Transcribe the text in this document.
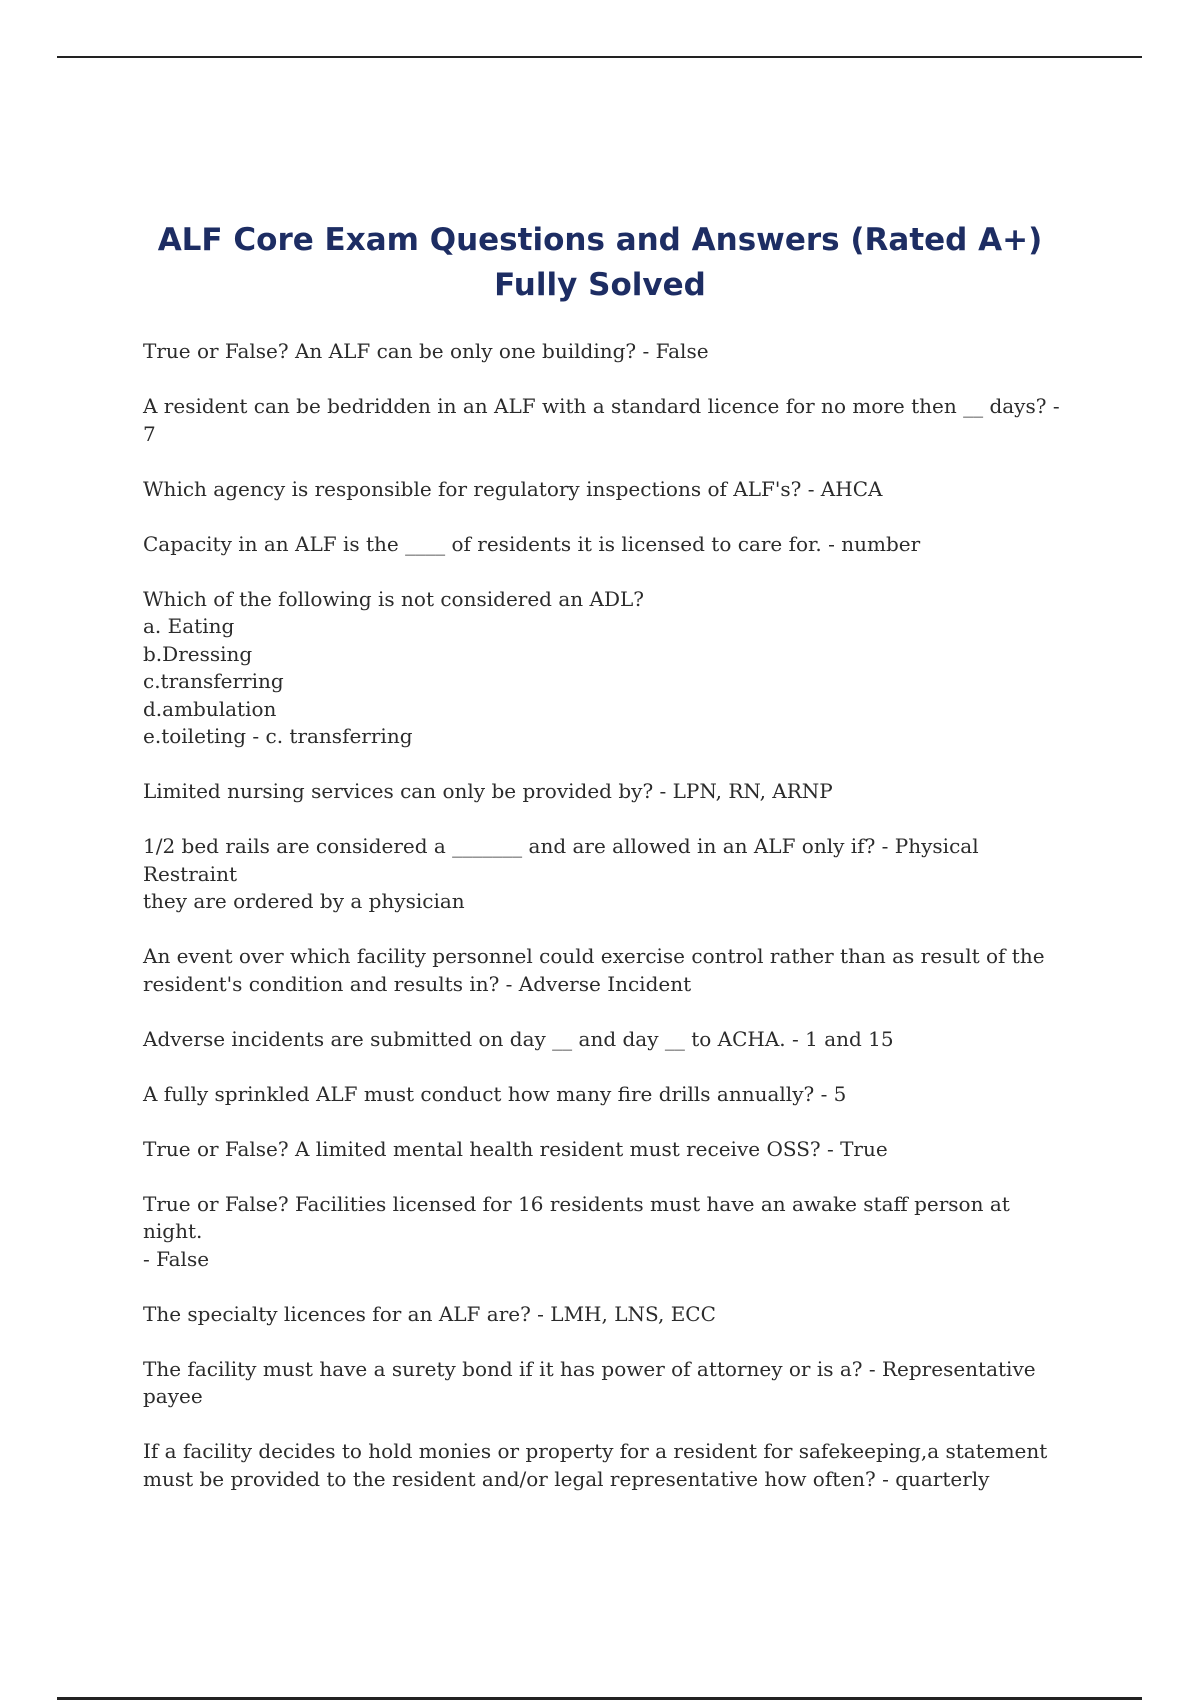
ALF Core Exam Questions and Answers (Rated A+)
Fully Solved
True or False? An ALF can be only one building? - False
A resident can be bedridden in an ALF with a standard licence for no more then __ days? - 7
Which agency is responsible for regulatory inspections of ALF's? - AHCA
Capacity in an ALF is the ____ of residents it is licensed to care for. - number
Which of the following is not considered an ADL?
a. Eating
b.Dressing
c.transferring
d.ambulation
e.toileting - c. transferring
Limited nursing services can only be provided by? - LPN, RN, ARNP
1/2 bed rails are considered a _______ and are allowed in an ALF only if? - Physical
Restraint
they are ordered by a physician
An event over which facility personnel could exercise control rather than as result of the
resident's condition and results in? - Adverse Incident
Adverse incidents are submitted on day __ and day __ to ACHA. - 1 and 15
A fully sprinkled ALF must conduct how many fire drills annually? - 5
True or False? A limited mental health resident must receive OSS? - True
True or False? Facilities licensed for 16 residents must have an awake staff person at night.
- False
The specialty licences for an ALF are? - LMH, LNS, ECC
The facility must have a surety bond if it has power of attorney or is a? - Representative
payee
If a facility decides to hold monies or property for a resident for safekeeping,a statement
must be provided to the resident and/or legal representative how often? - quarterly
